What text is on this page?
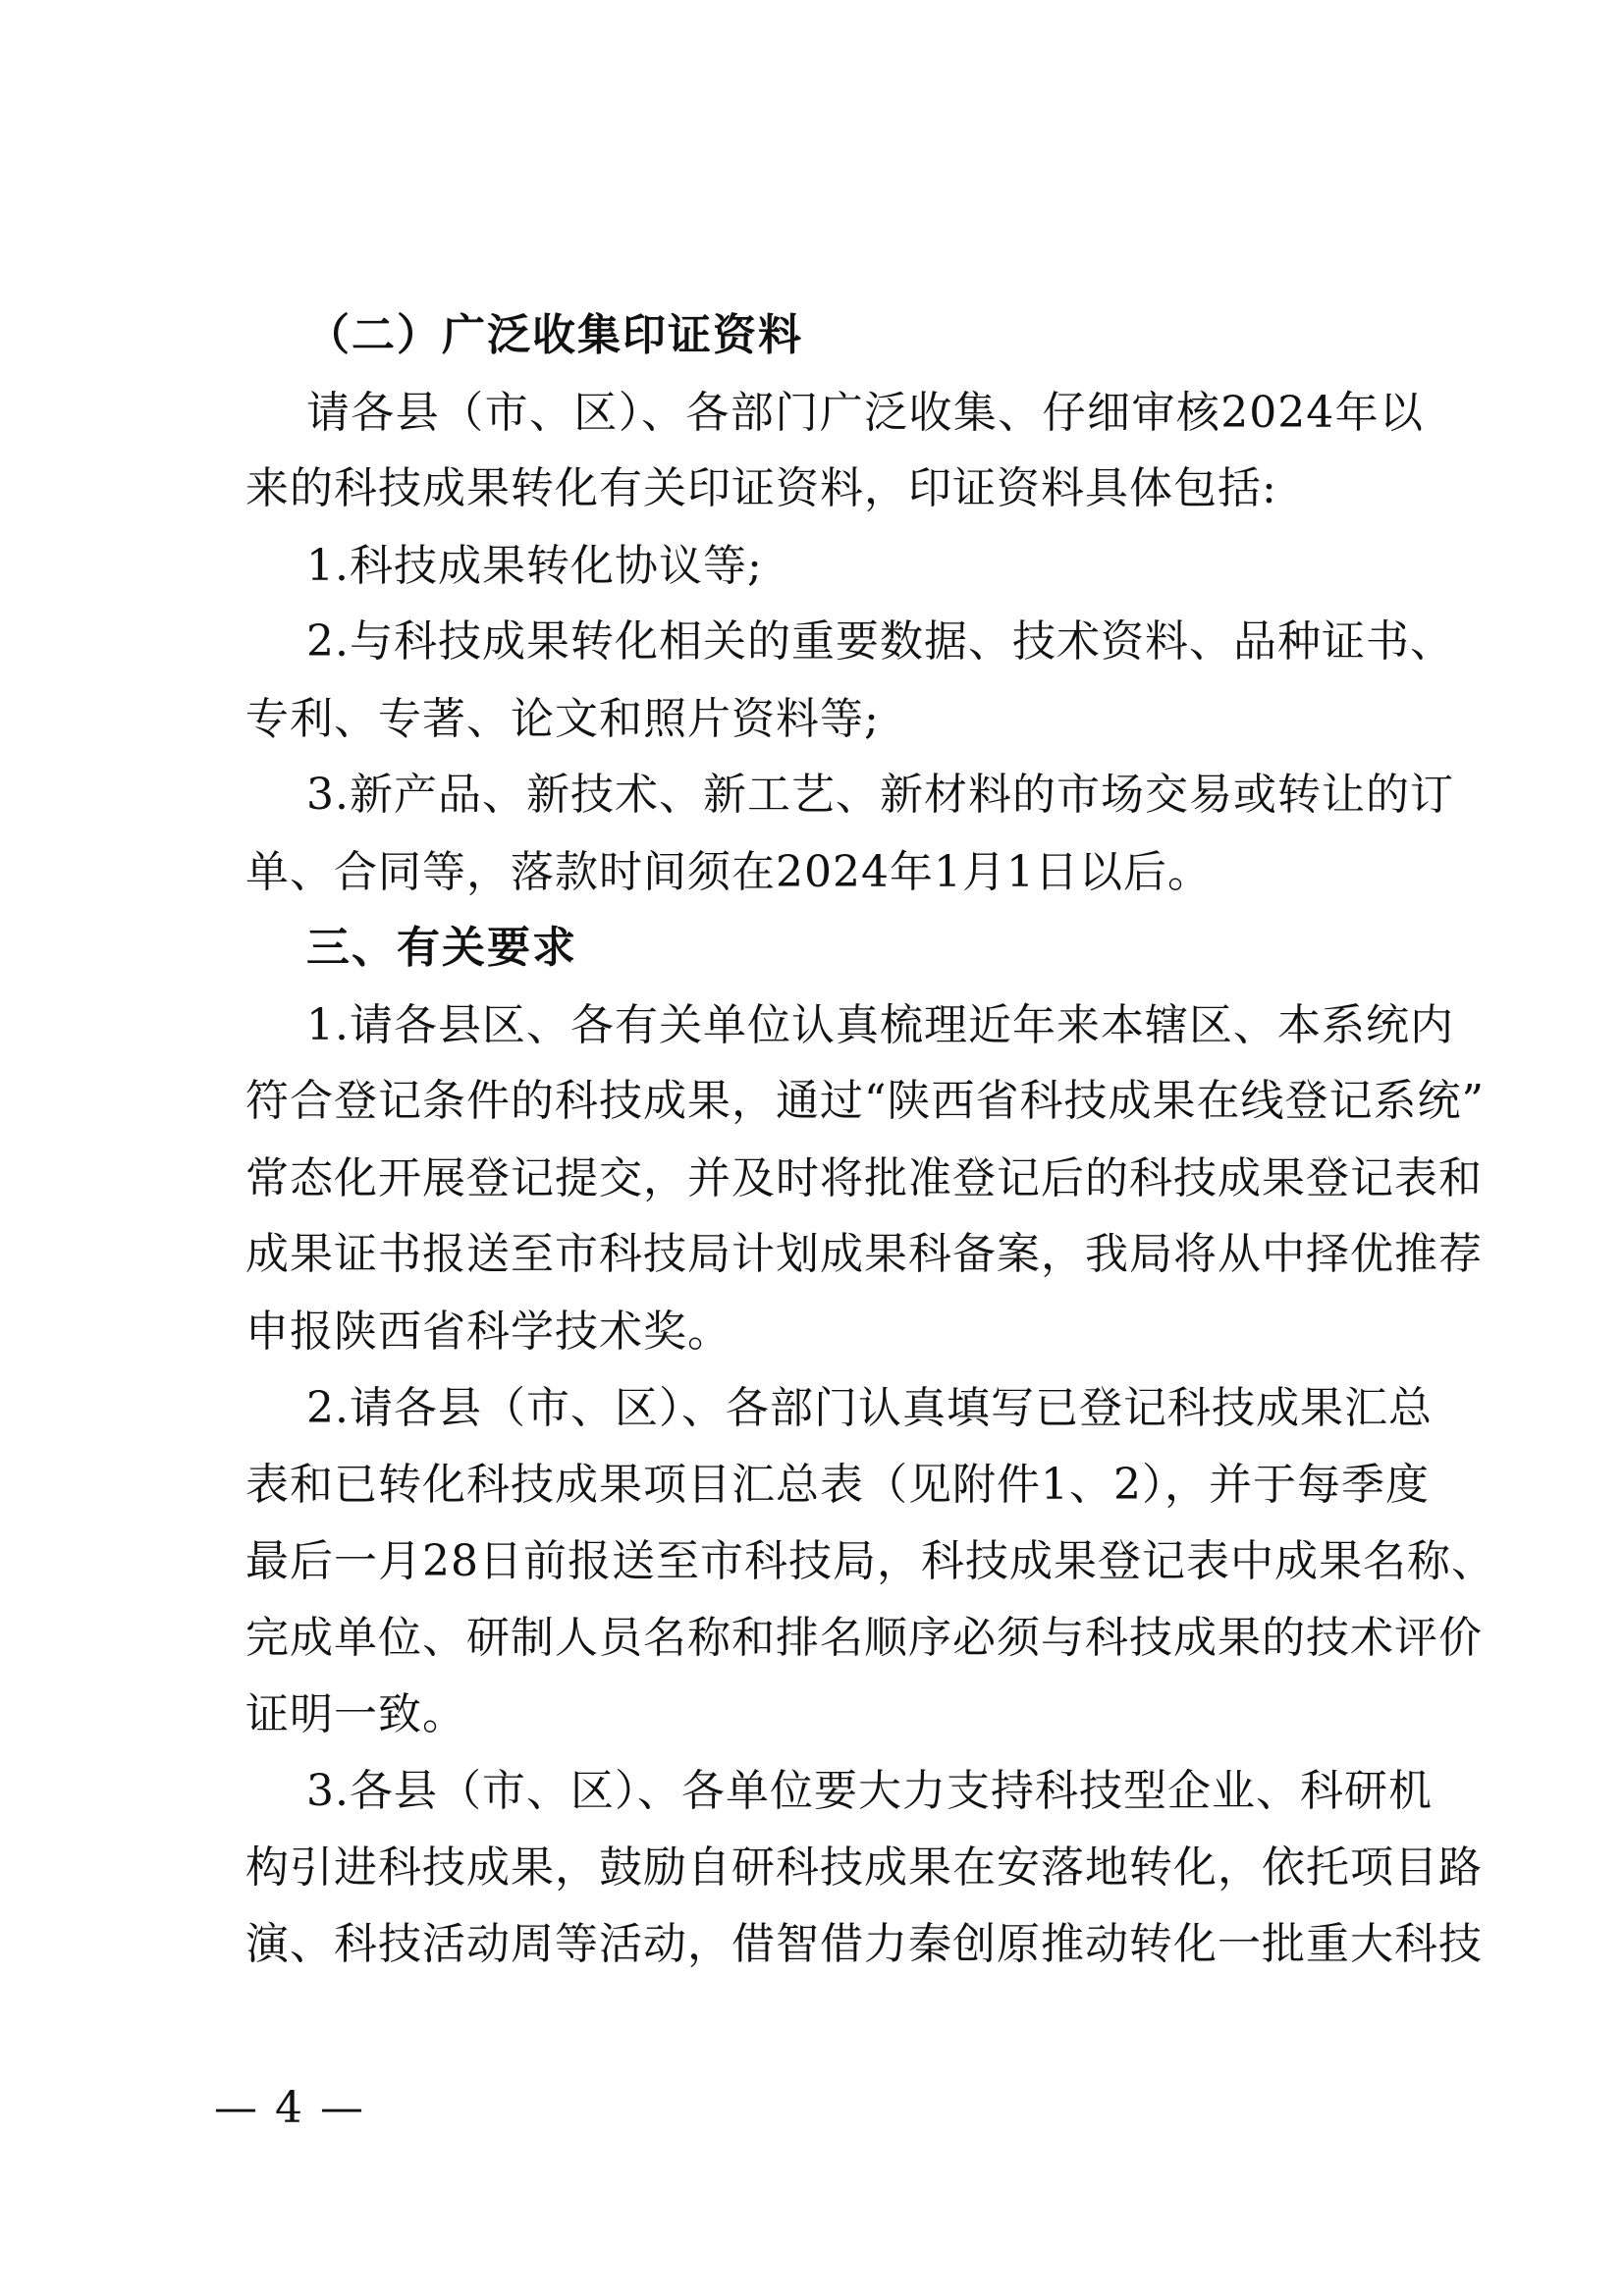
（二）广泛收集印证资料
请各县（市、区）、各部门广泛收集、仔细审核2024年以
来的科技成果转化有关印证资料，印证资料具体包括:
1.科技成果转化协议等;
2.与科技成果转化相关的重要数据、技术资料、品种证书、
专利、专著、论文和照片资料等;
3.新产品、新技术、新工艺、新材料的市场交易或转让的订
单、合同等，落款时间须在2024年1月1日以后。
三、有关要求
1.请各县区、各有关单位认真梳理近年来本辖区、本系统内
符合登记条件的科技成果，通过“陕西省科技成果在线登记系统”
常态化开展登记提交，并及时将批准登记后的科技成果登记表和
成果证书报送至市科技局计划成果科备案，我局将从中择优推荐
申报陕西省科学技术奖。
2.请各县（市、区）、各部门认真填写已登记科技成果汇总
表和已转化科技成果项目汇总表（见附件1、2），并于每季度
最后一月28日前报送至市科技局，科技成果登记表中成果名称、
完成单位、研制人员名称和排名顺序必须与科技成果的技术评价
证明一致。
3.各县（市、区）、各单位要大力支持科技型企业、科研机
构引进科技成果，鼓励自研科技成果在安落地转化，依托项目路
演、科技活动周等活动，借智借力秦创原推动转化一批重大科技
— 4 —
